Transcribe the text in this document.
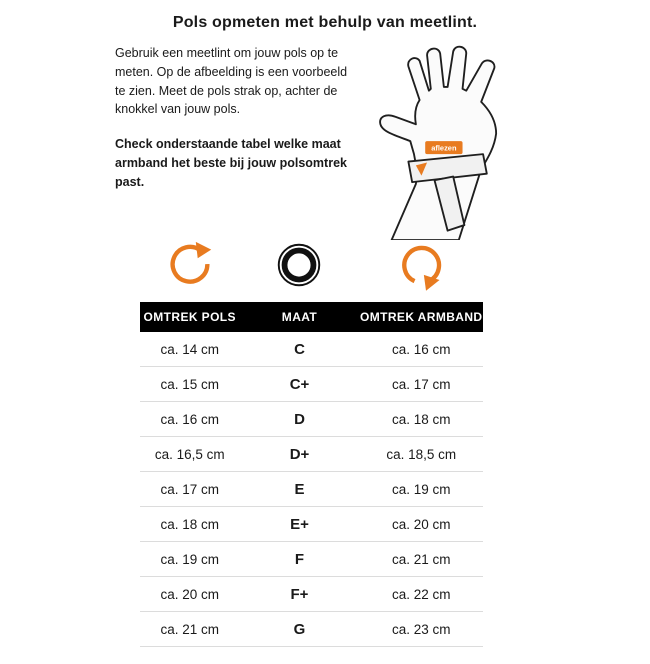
Pols opmeten met behulp van meetlint.

Gebruik een meetlint om jouw pols op te meten. Op de afbeelding is een voorbeeld te zien. Meet de pols strak op, achter de knokkel van jouw pols.

Check onderstaande tabel welke maat armband het beste bij jouw polsomtrek past.

aflezen
OMTREK POLS	MAAT	OMTREK ARMBAND
ca. 14 cm	C	ca. 16 cm
ca. 15 cm	C+	ca. 17 cm
ca. 16 cm	D	ca. 18 cm
ca. 16,5 cm	D+	ca. 18,5 cm
ca. 17 cm	E	ca. 19 cm
ca. 18 cm	E+	ca. 20 cm
ca. 19 cm	F	ca. 21 cm
ca. 20 cm	F+	ca. 22 cm
ca. 21 cm	G	ca. 23 cm
